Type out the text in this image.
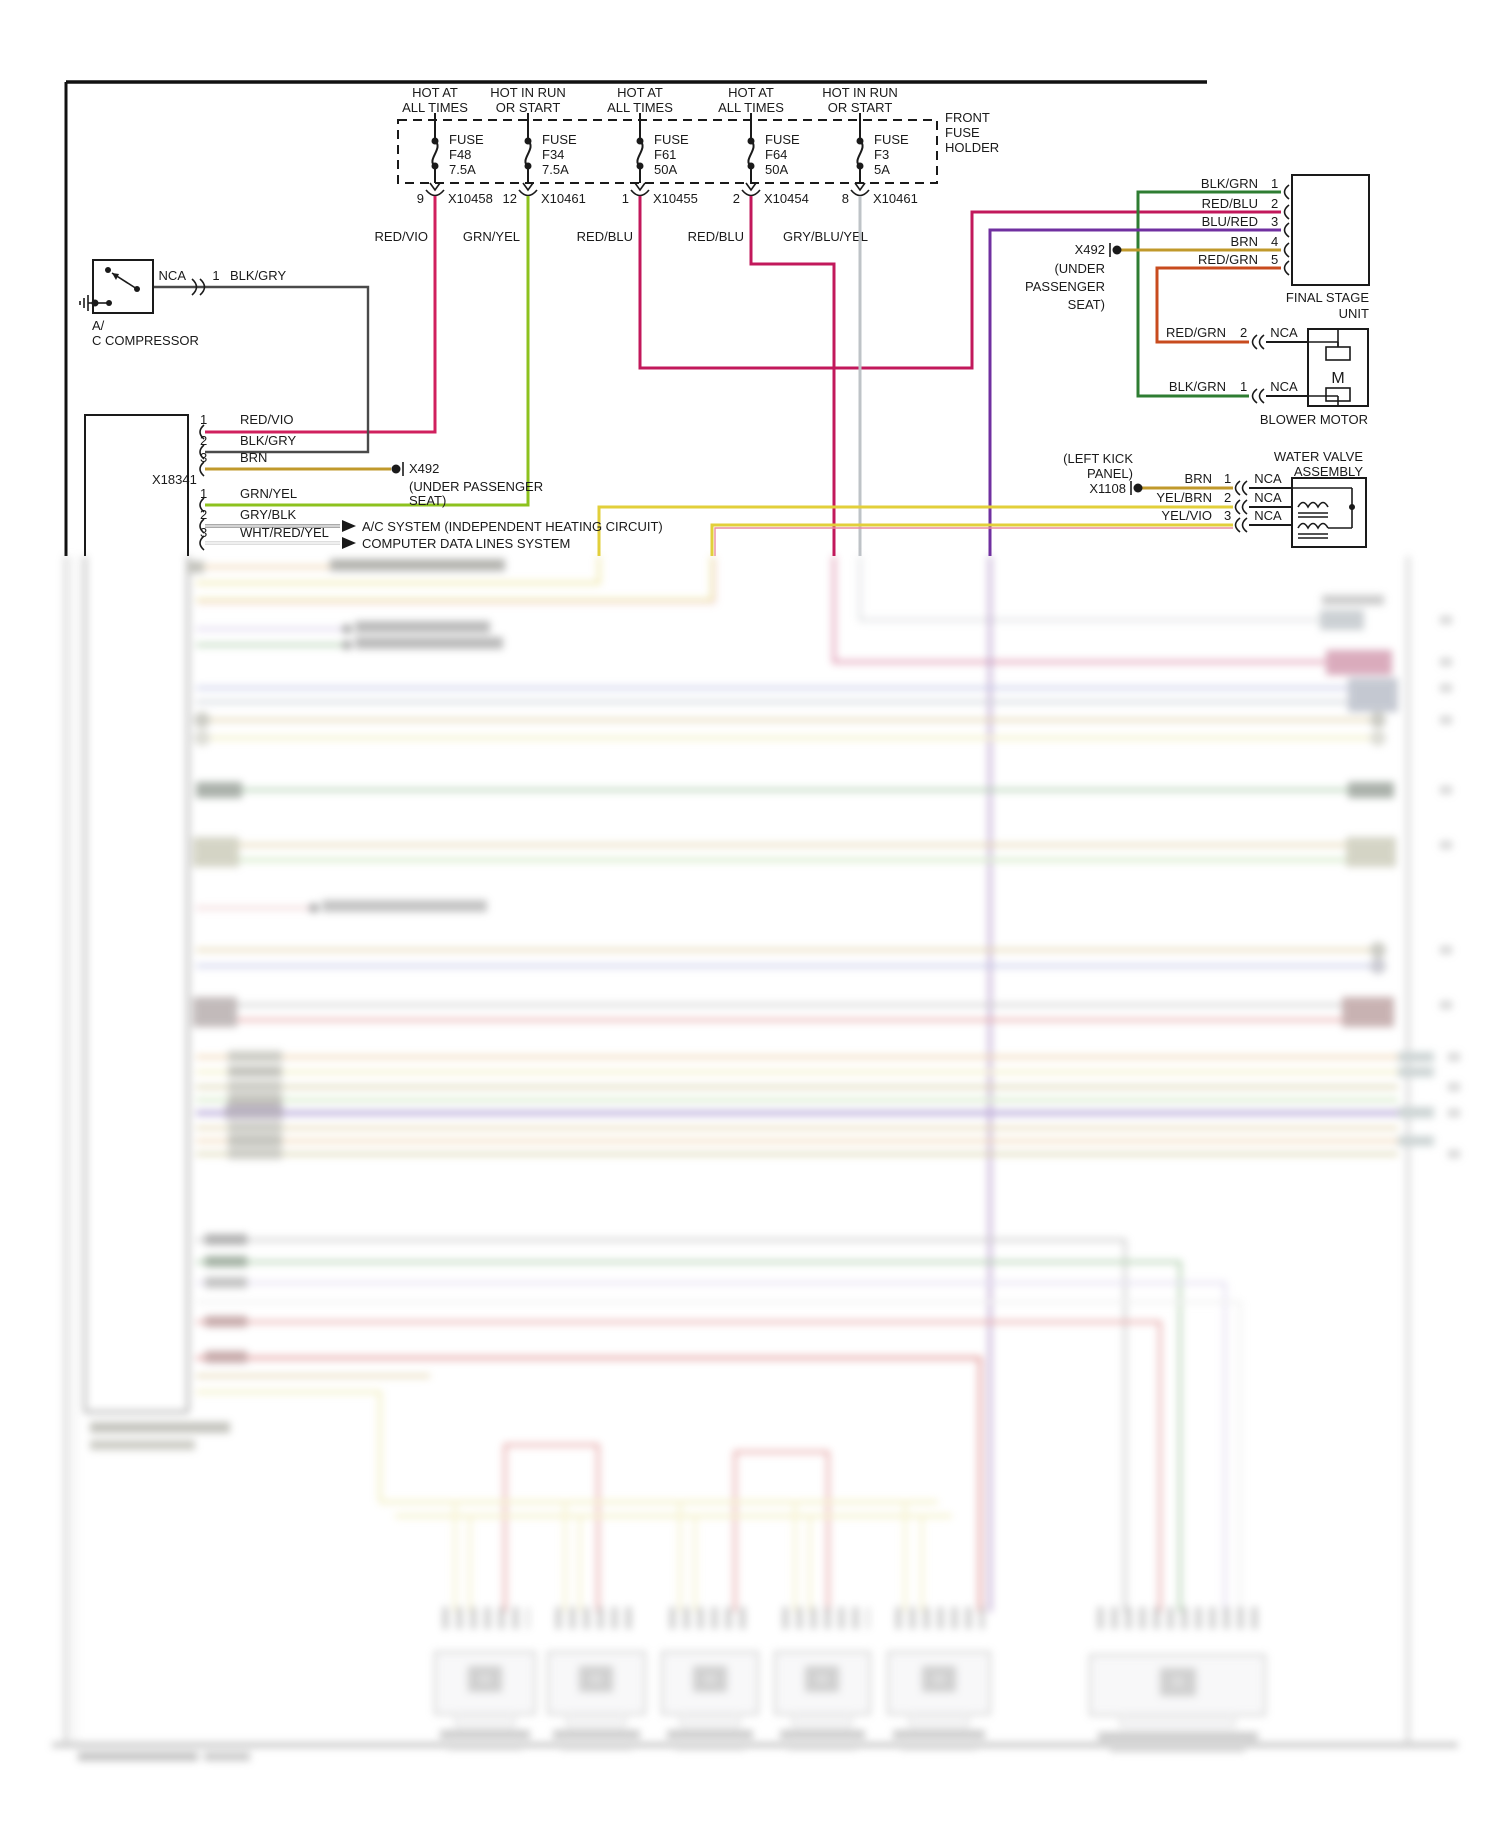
FRONT
FUSE
HOLDER
HOT AT
ALL TIMES
FUSE
F48
7.5A
9 X10458
RED/VIO
HOT IN RUN
OR START
FUSE
F34
7.5A
12 X10461
GRN/YEL
HOT AT
ALL TIMES
FUSE
F61
50A
1 X10455
RED/BLU
HOT AT
ALL TIMES
FUSE
F64
50A
2 X10454
RED/BLU
HOT IN RUN
OR START
FUSE
F3
5A
8 X10461
GRY/BLU/YEL
NCA 1 BLK/GRY
A/
C COMPRESSOR
1	RED/VIO
2	BLK/GRY
3	BRN
X18341
X492
(UNDER PASSENGER
SEAT)
1	GRN/YEL
2	GRY/BLK
3	WHT/RED/YEL	A/C SYSTEM (INDEPENDENT HEATING CIRCUIT)
COMPUTER DATA LINES SYSTEM
BLK/GRN 1
RED/BLU 2
BLU/RED 3
BRN 4
RED/GRN 5
X492
(UNDER
PASSENGER
SEAT)	FINAL STAGE
UNIT
M
RED/GRN 2 NCA
BLK/GRN 1 NCA
BLOWER MOTOR
WATER VALVE
ASSEMBLY
(LEFT KICK
PANEL)
X1108
BRN 1 NCA
YEL/BRN 2 NCA
YEL/VIO 3 NCA
